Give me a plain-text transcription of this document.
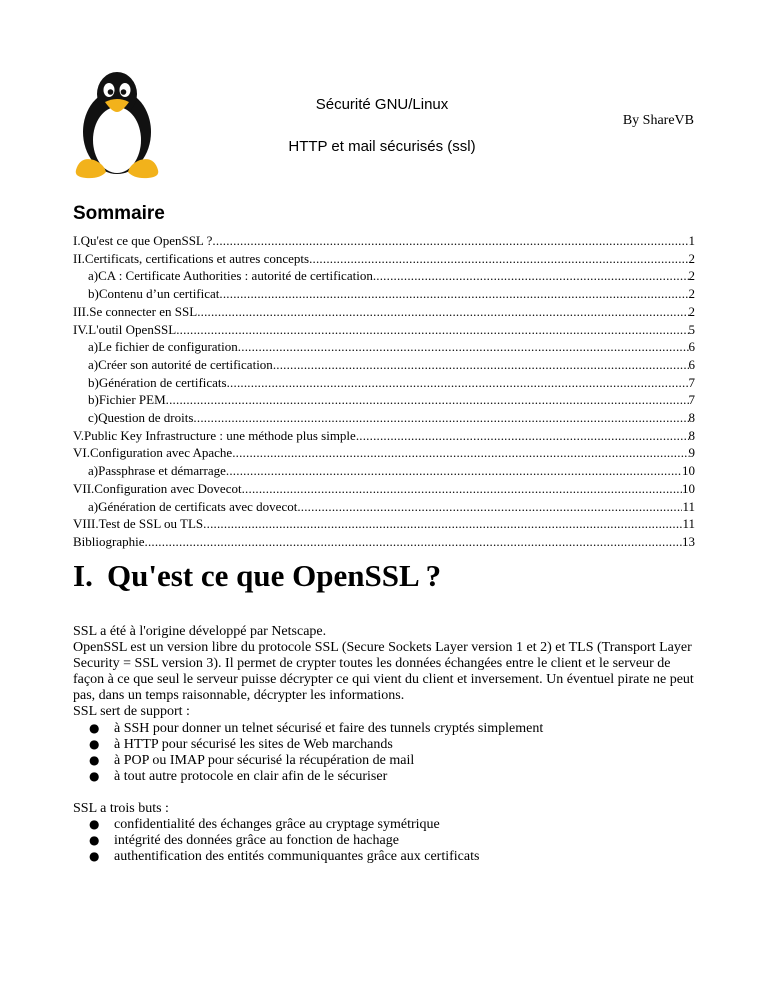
Sécurité GNU/Linux
By ShareVB
HTTP et mail sécurisés (ssl)
Sommaire
I.Qu'est ce que OpenSSL ? .....	1
II.Certificats, certifications et autres concepts .....	2
a)CA : Certificate Authorities : autorité de certification .....	2
b)Contenu d’un certificat .....	2
III.Se connecter en SSL .....	2
IV.L'outil OpenSSL .....	5
a)Le fichier de configuration .....	6
a)Créer son autorité de certification .....	6
b)Génération de certificats .....	7
b)Fichier PEM .....	7
c)Question de droits .....	8
V.Public Key Infrastructure : une méthode plus simple .....	8
VI.Configuration avec Apache .....	9
a)Passphrase et démarrage .....	10
VII.Configuration avec Dovecot .....	10
a)Génération de certificats avec dovecot .....	11
VIII.Test de SSL ou TLS .....	11
Bibliographie .....	13
I. Qu'est ce que OpenSSL ?

SSL a été à l'origine développé par Netscape.

OpenSSL est un version libre du protocole SSL (Secure Sockets Layer version 1 et 2) et TLS (Transport Layer Security = SSL version 3). Il permet de crypter toutes les données échangées entre le client et le serveur de façon à ce que seul le serveur puisse décrypter ce qui vient du client et inversement. Un éventuel pirate ne peut pas, dans un temps raisonnable, décrypter les informations.

SSL sert de support :

● à SSH pour donner un telnet sécurisé et faire des tunnels cryptés simplement
● à HTTP pour sécurisé les sites de Web marchands
● à POP ou IMAP pour sécurisé la récupération de mail
● à tout autre protocole en clair afin de le sécuriser

SSL a trois buts :

● confidentialité des échanges grâce au cryptage symétrique
● intégrité des données grâce au fonction de hachage
● authentification des entités communiquantes grâce aux certificats
